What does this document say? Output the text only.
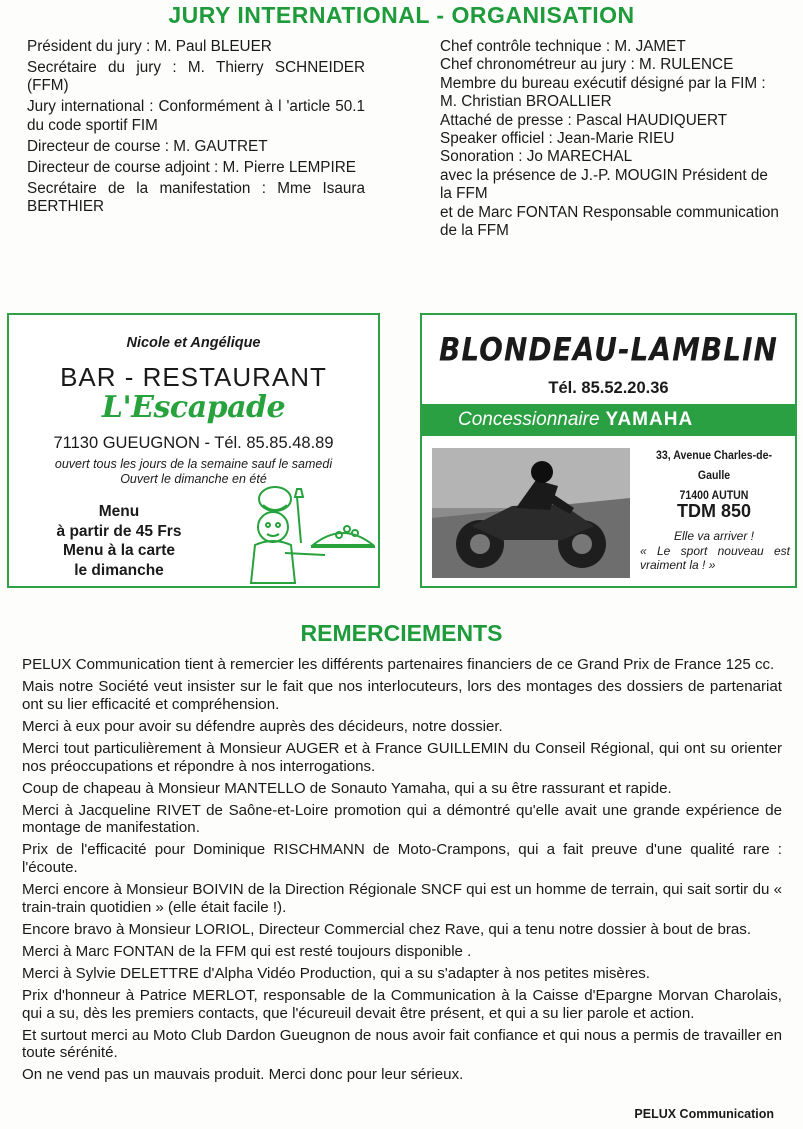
JURY INTERNATIONAL - ORGANISATION

Président du jury : M. Paul BLEUER

Secrétaire du jury : M. Thierry SCHNEIDER (FFM)

Jury international : Conformément à l 'article 50.1 du code sportif FIM

Directeur de course : M. GAUTRET

Directeur de course adjoint : M. Pierre LEMPIRE

Secrétaire de la manifestation : Mme Isaura BERTHIER

Chef contrôle technique : M. JAMET

Chef chronométreur au jury : M. RULENCE

Membre du bureau exécutif désigné par la FIM : M. Christian BROALLIER

Attaché de presse : Pascal HAUDIQUERT

Speaker officiel : Jean-Marie RIEU

Sonoration : Jo MARECHAL

avec la présence de J.-P. MOUGIN Président de la FFM

et de Marc FONTAN Responsable communication de la FFM

Nicole et Angélique
BAR - RESTAURANT
L'Escapade
71130 GUEUGNON - Tél. 85.85.48.89
ouvert tous les jours de la semaine sauf le samedi
Ouvert le dimanche en été
Menu
à partir de 45 Frs
Menu à la carte
le dimanche
BLONDEAU-LAMBLIN
Tél. 85.52.20.36
Concessionnaire YAMAHA
33, Avenue Charles-de-Gaulle
71400 AUTUN
TDM 850
Elle va arriver !
« Le sport nouveau est vraiment la ! »
REMERCIEMENTS

PELUX Communication tient à remercier les différents partenaires financiers de ce Grand Prix de France 125 cc.

Mais notre Société veut insister sur le fait que nos interlocuteurs, lors des montages des dossiers de partenariat ont su lier efficacité et compréhension.

Merci à eux pour avoir su défendre auprès des décideurs, notre dossier.

Merci tout particulièrement à Monsieur AUGER et à France GUILLEMIN du Conseil Régional, qui ont su orienter nos préoccupations et répondre à nos interrogations.

Coup de chapeau à Monsieur MANTELLO de Sonauto Yamaha, qui a su être rassurant et rapide.

Merci à Jacqueline RIVET de Saône-et-Loire promotion qui a démontré qu'elle avait une grande expérience de montage de manifestation.

Prix de l'efficacité pour Dominique RISCHMANN de Moto-Crampons, qui a fait preuve d'une qualité rare : l'écoute.

Merci encore à Monsieur BOIVIN de la Direction Régionale SNCF qui est un homme de terrain, qui sait sortir du « train-train quotidien » (elle était facile !).

Encore bravo à Monsieur LORIOL, Directeur Commercial chez Rave, qui a tenu notre dossier à bout de bras.

Merci à Marc FONTAN de la FFM qui est resté toujours disponible .

Merci à Sylvie DELETTRE d'Alpha Vidéo Production, qui a su s'adapter à nos petites misères.

Prix d'honneur à Patrice MERLOT, responsable de la Communication à la Caisse d'Epargne Morvan Charolais, qui a su, dès les premiers contacts, que l'écureuil devait être présent, et qui a su lier parole et action.

Et surtout merci au Moto Club Dardon Gueugnon de nous avoir fait confiance et qui nous a permis de travailler en toute sérénité.

On ne vend pas un mauvais produit. Merci donc pour leur sérieux.

PELUX Communication
